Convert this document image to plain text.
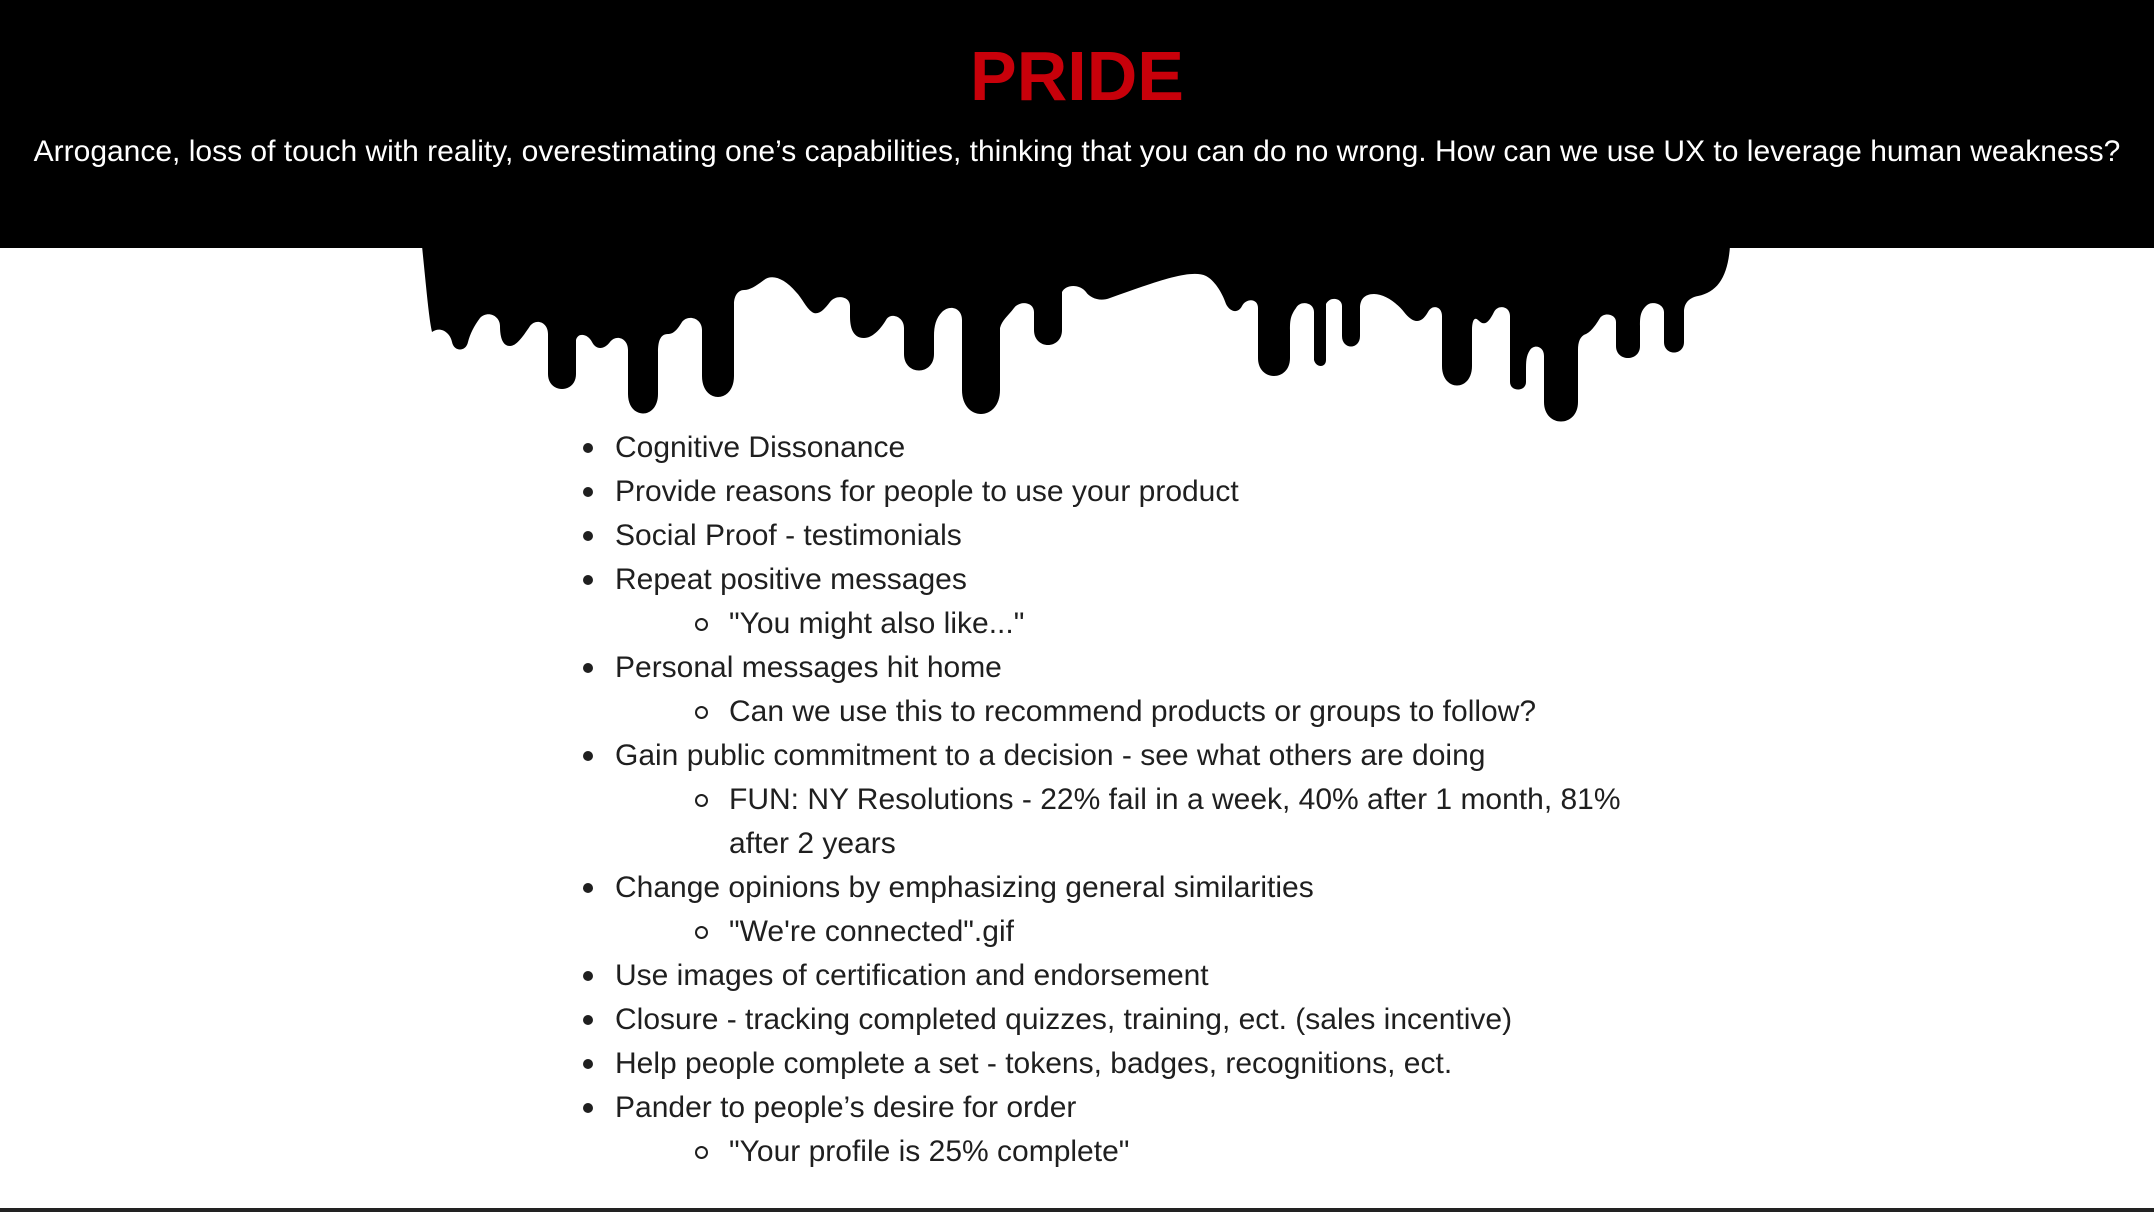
PRIDE
Arrogance, loss of touch with reality, overestimating one’s capabilities, thinking that you can do no wrong. How can we use UX to leverage human weakness?
Cognitive Dissonance
Provide reasons for people to use your product
Social Proof - testimonials
Repeat positive messages
"You might also like..."
Personal messages hit home
Can we use this to recommend products or groups to follow?
Gain public commitment to a decision - see what others are doing
FUN: NY Resolutions - 22% fail in a week, 40% after 1 month, 81% after 2 years
Change opinions by emphasizing general similarities
"We're connected".gif
Use images of certification and endorsement
Closure - tracking completed quizzes, training, ect. (sales incentive)
Help people complete a set - tokens, badges, recognitions, ect.
Pander to people’s desire for order
"Your profile is 25% complete"
